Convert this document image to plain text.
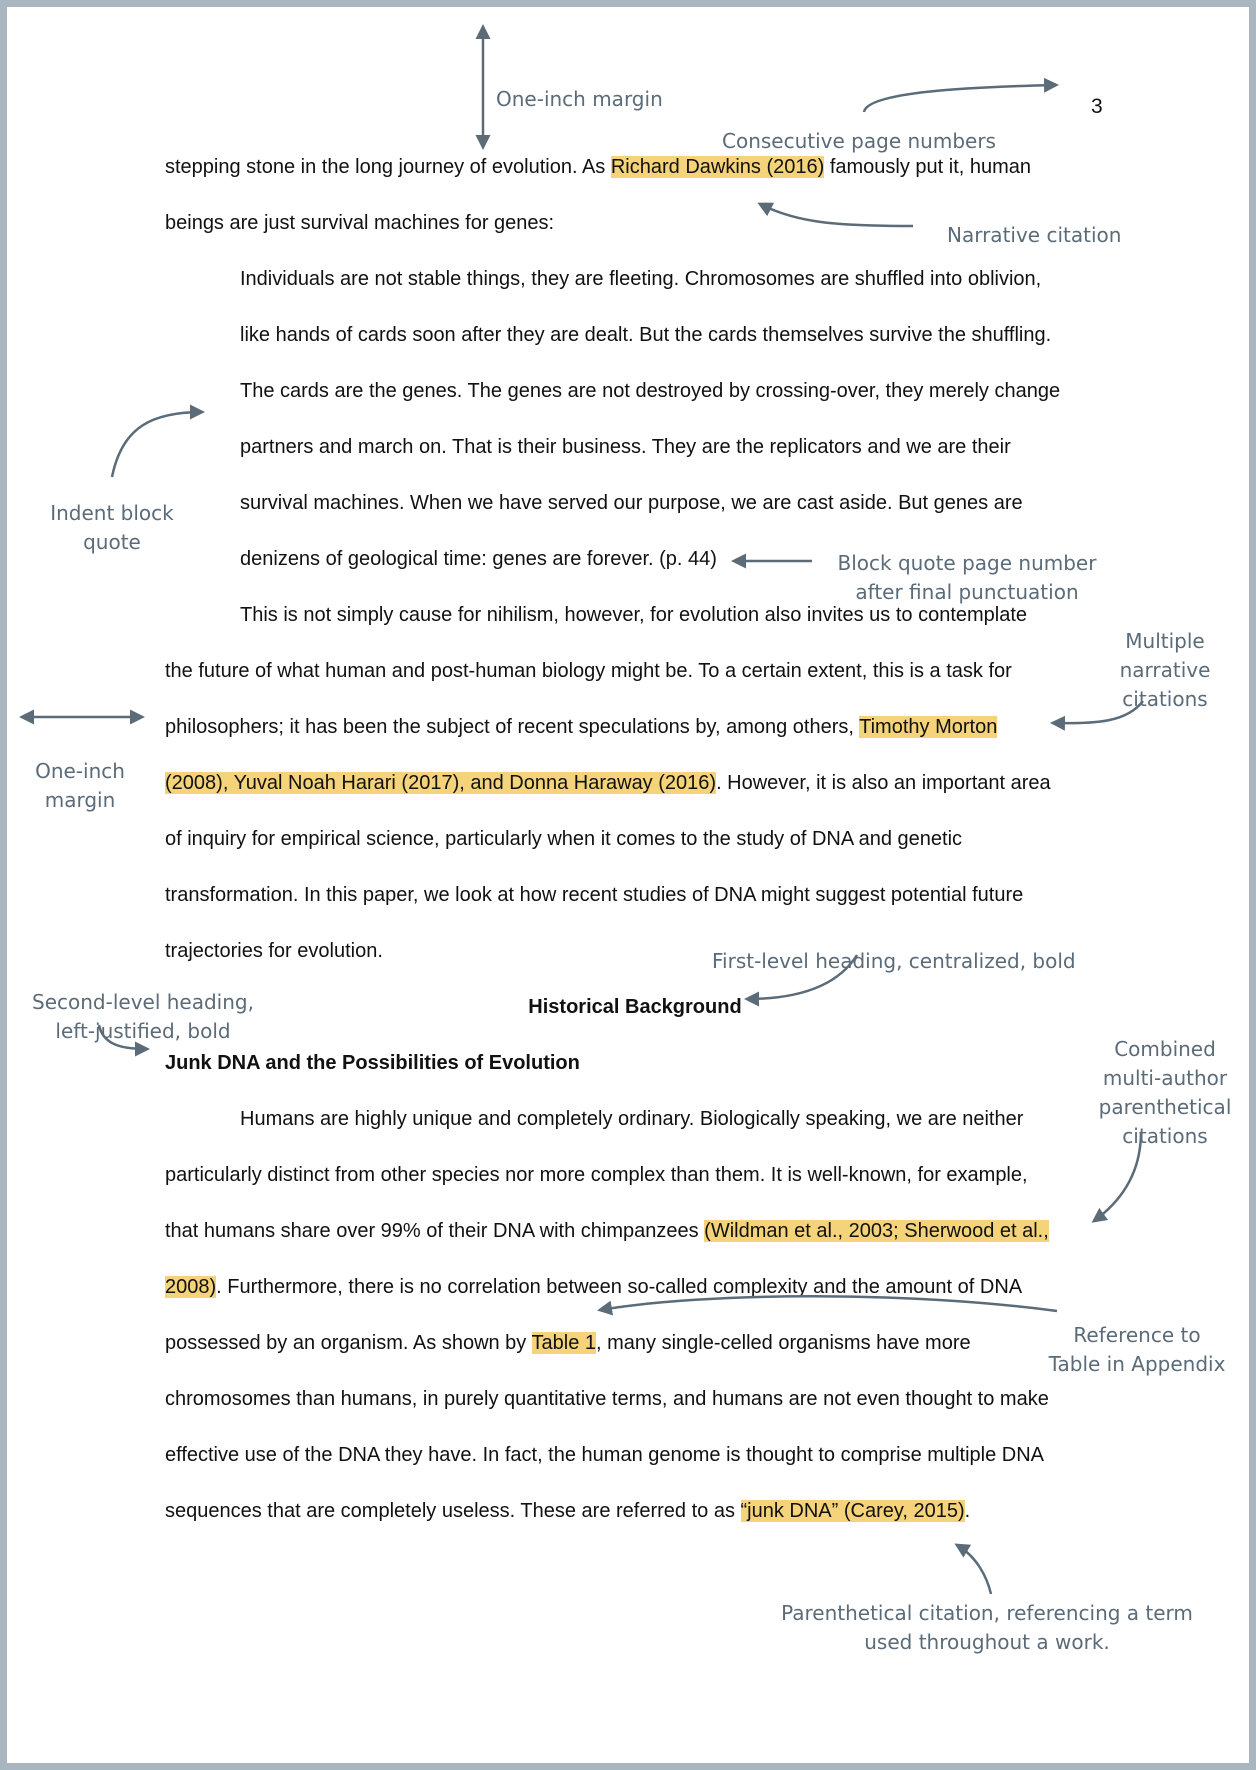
3
stepping stone in the long journey of evolution. As Richard Dawkins (2016) famously put it, human
beings are just survival machines for genes:
Individuals are not stable things, they are fleeting. Chromosomes are shuffled into oblivion,
like hands of cards soon after they are dealt. But the cards themselves survive the shuffling.
The cards are the genes. The genes are not destroyed by crossing-over, they merely change
partners and march on. That is their business. They are the replicators and we are their
survival machines. When we have served our purpose, we are cast aside. But genes are
denizens of geological time: genes are forever. (p. 44)
This is not simply cause for nihilism, however, for evolution also invites us to contemplate
the future of what human and post-human biology might be. To a certain extent, this is a task for
philosophers; it has been the subject of recent speculations by, among others, Timothy Morton
(2008), Yuval Noah Harari (2017), and Donna Haraway (2016). However, it is also an important area
of inquiry for empirical science, particularly when it comes to the study of DNA and genetic
transformation. In this paper, we look at how recent studies of DNA might suggest potential future
trajectories for evolution.
Historical Background
Junk DNA and the Possibilities of Evolution
Humans are highly unique and completely ordinary. Biologically speaking, we are neither
particularly distinct from other species nor more complex than them. It is well-known, for example,
that humans share over 99% of their DNA with chimpanzees (Wildman et al., 2003; Sherwood et al.,
2008). Furthermore, there is no correlation between so-called complexity and the amount of DNA
possessed by an organism. As shown by Table 1, many single-celled organisms have more
chromosomes than humans, in purely quantitative terms, and humans are not even thought to make
effective use of the DNA they have. In fact, the human genome is thought to comprise multiple DNA
sequences that are completely useless. These are referred to as “junk DNA” (Carey, 2015).
One-inch margin
Consecutive page numbers
Narrative citation
Indent block
quote
Block quote page number
after final punctuation
Multiple
narrative
citations
One-inch
margin
First-level heading, centralized, bold
Second-level heading,
left-justified, bold
Combined
multi-author
parenthetical
citations
Reference to
Table in Appendix
Parenthetical citation, referencing a term
used throughout a work.
